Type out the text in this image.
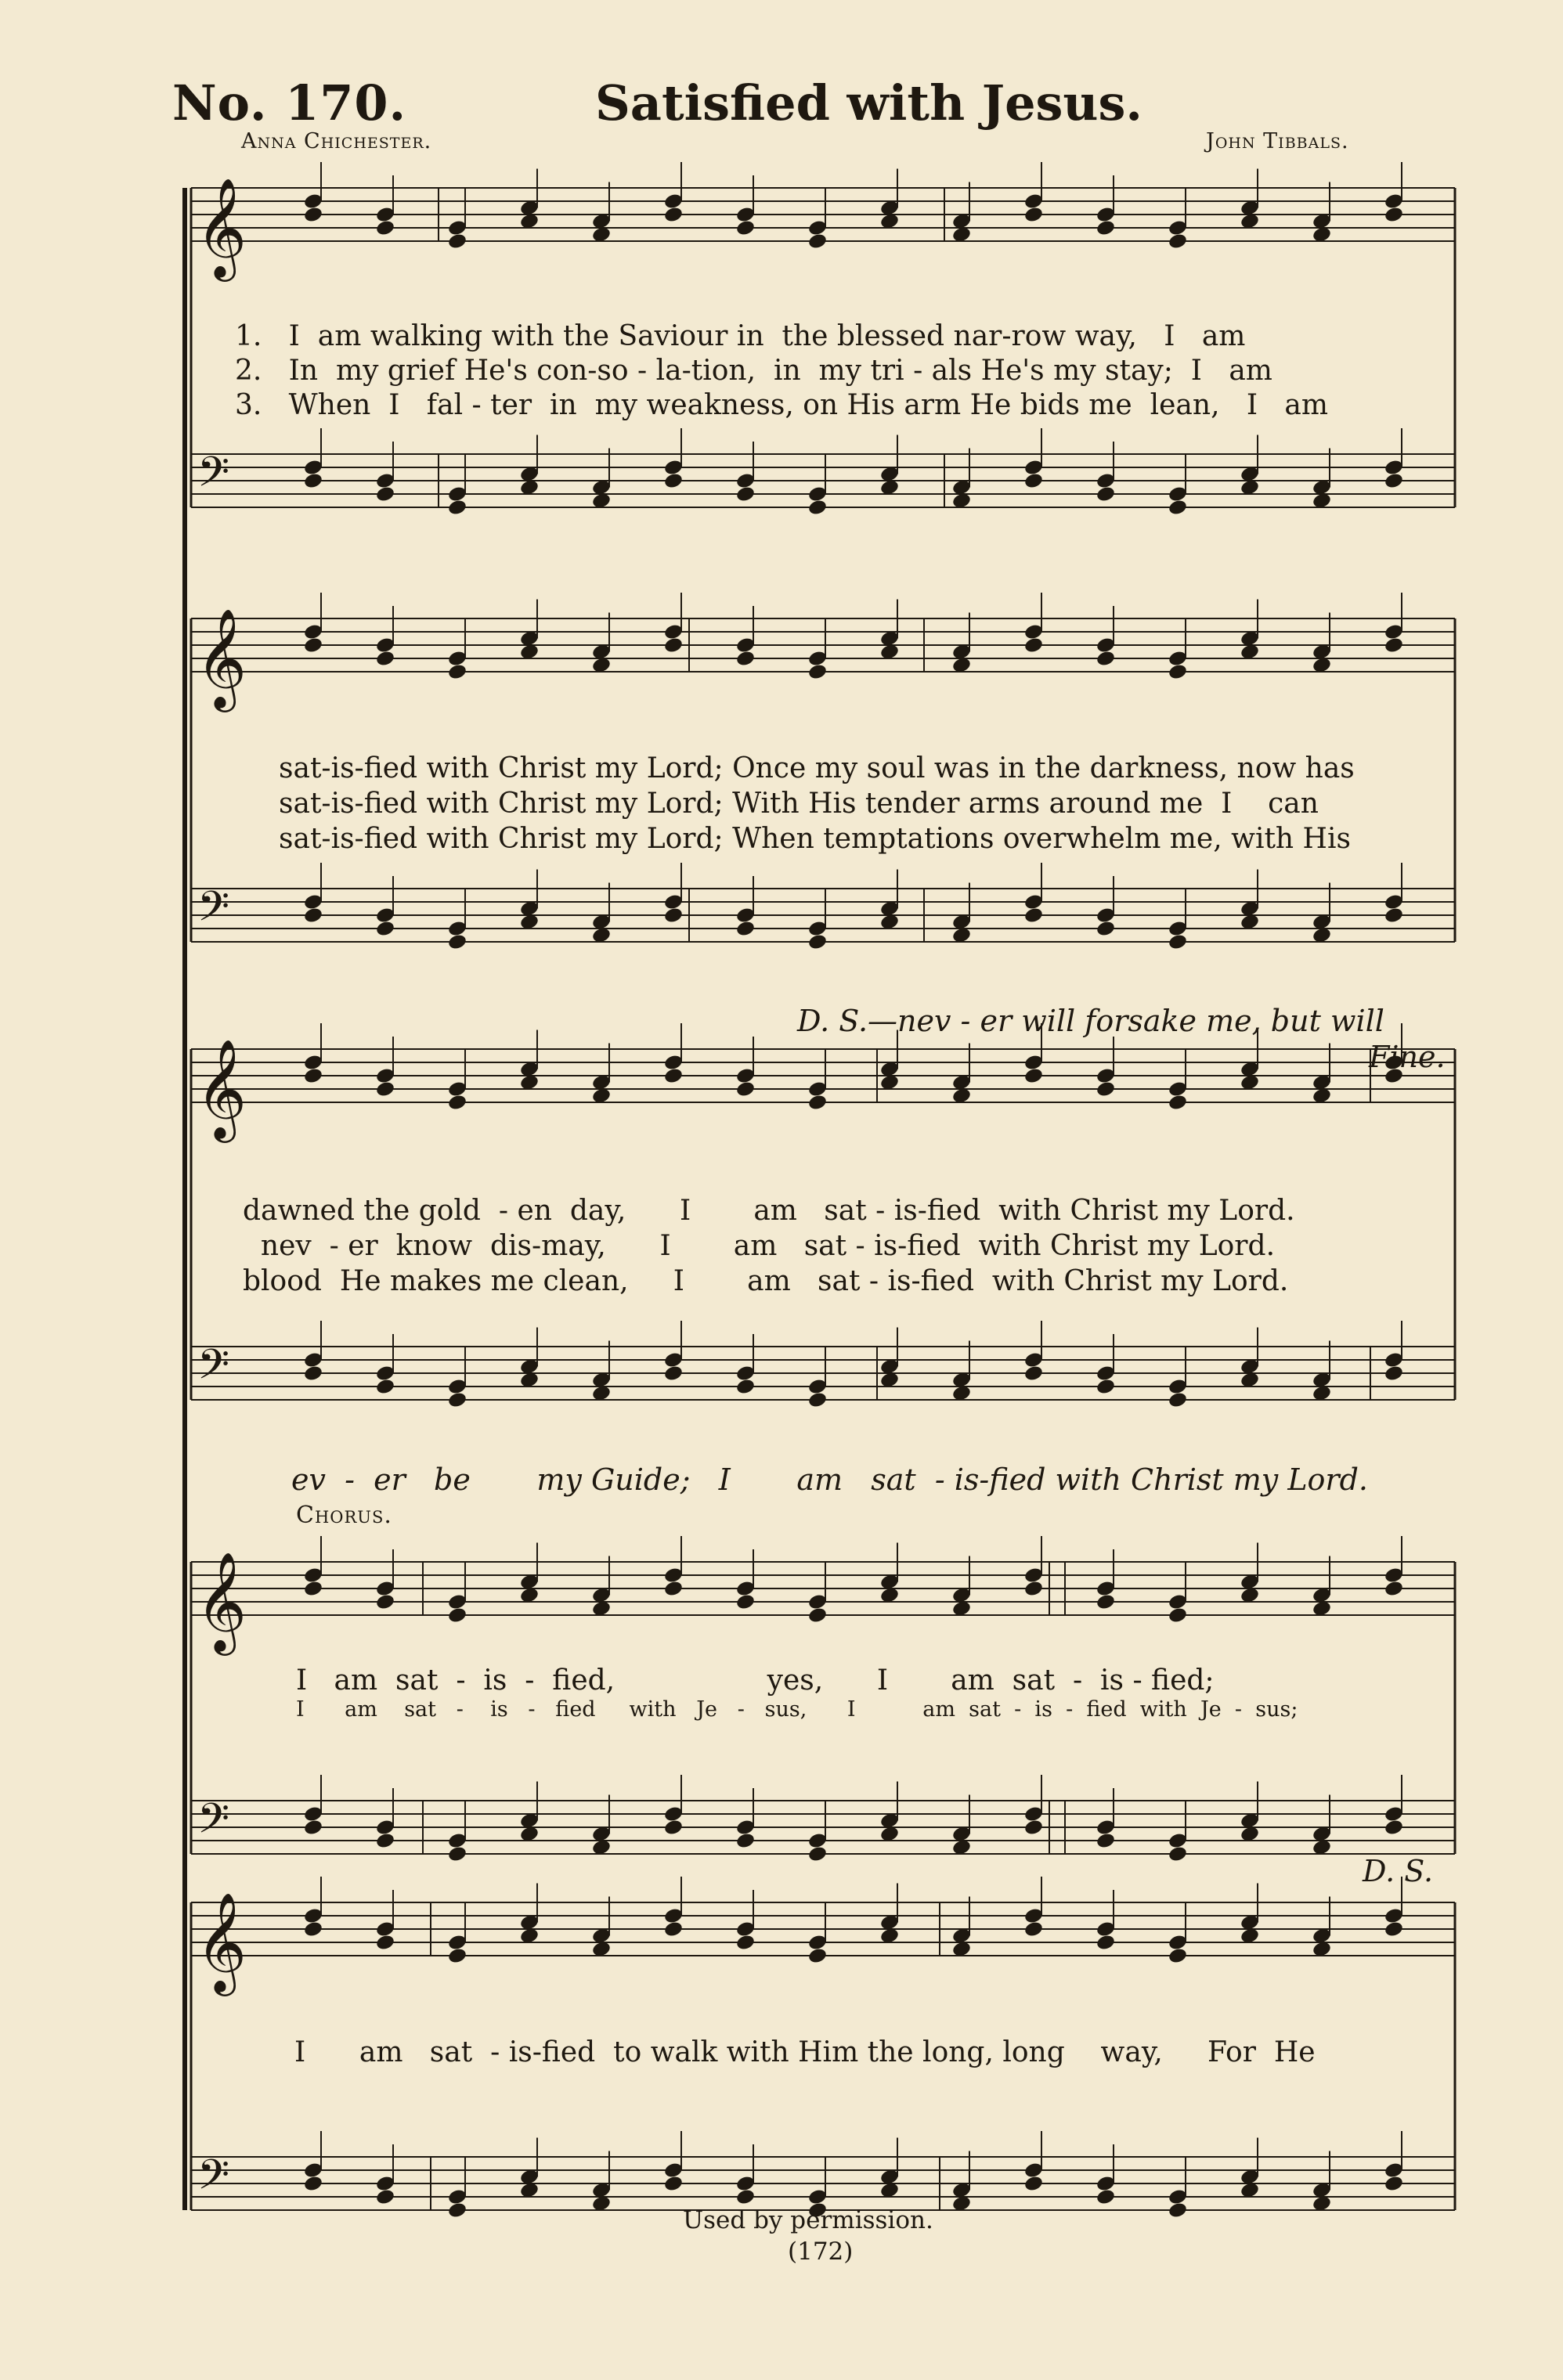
No. 170.	Satisfied with Jesus.
Anna Chichester.	John Tibbals.
𝄞
𝄢
𝄞
𝄢
𝄞
𝄢
𝄞
𝄢
𝄞
𝄢
1.   I  am walking with the Saviour in  the blessed nar-row way,   I   am
2.   In  my grief He's con-so - la-tion,  in  my tri - als He's my stay;  I   am
3.   When  I   fal - ter  in  my weakness, on His arm He bids me  lean,   I   am
sat-is-fied with Christ my Lord; Once my soul was in the darkness, now has
sat-is-fied with Christ my Lord; With His tender arms around me  I    can
sat-is-fied with Christ my Lord; When temptations overwhelm me, with His
D. S.—nev - er will forsake me, but will
Fine.
dawned the gold  - en  day,      I       am   sat - is-fied  with Christ my Lord.
nev  - er  know  dis-may,      I       am   sat - is-fied  with Christ my Lord.
blood  He makes me clean,     I       am   sat - is-fied  with Christ my Lord.
ev  -  er   be       my Guide;   I       am   sat  - is-fied with Christ my Lord.
Chorus.
I   am  sat  -  is  -  fied,                 yes,      I       am  sat  -  is - fied;
I      am    sat   -    is   -   fied     with   Je   -   sus,      I          am  sat  -  is  -  fied  with  Je  -  sus;
D. S.
I      am   sat  - is-fied  to walk with Him the long, long    way,     For  He
Used by permission.
(172)
